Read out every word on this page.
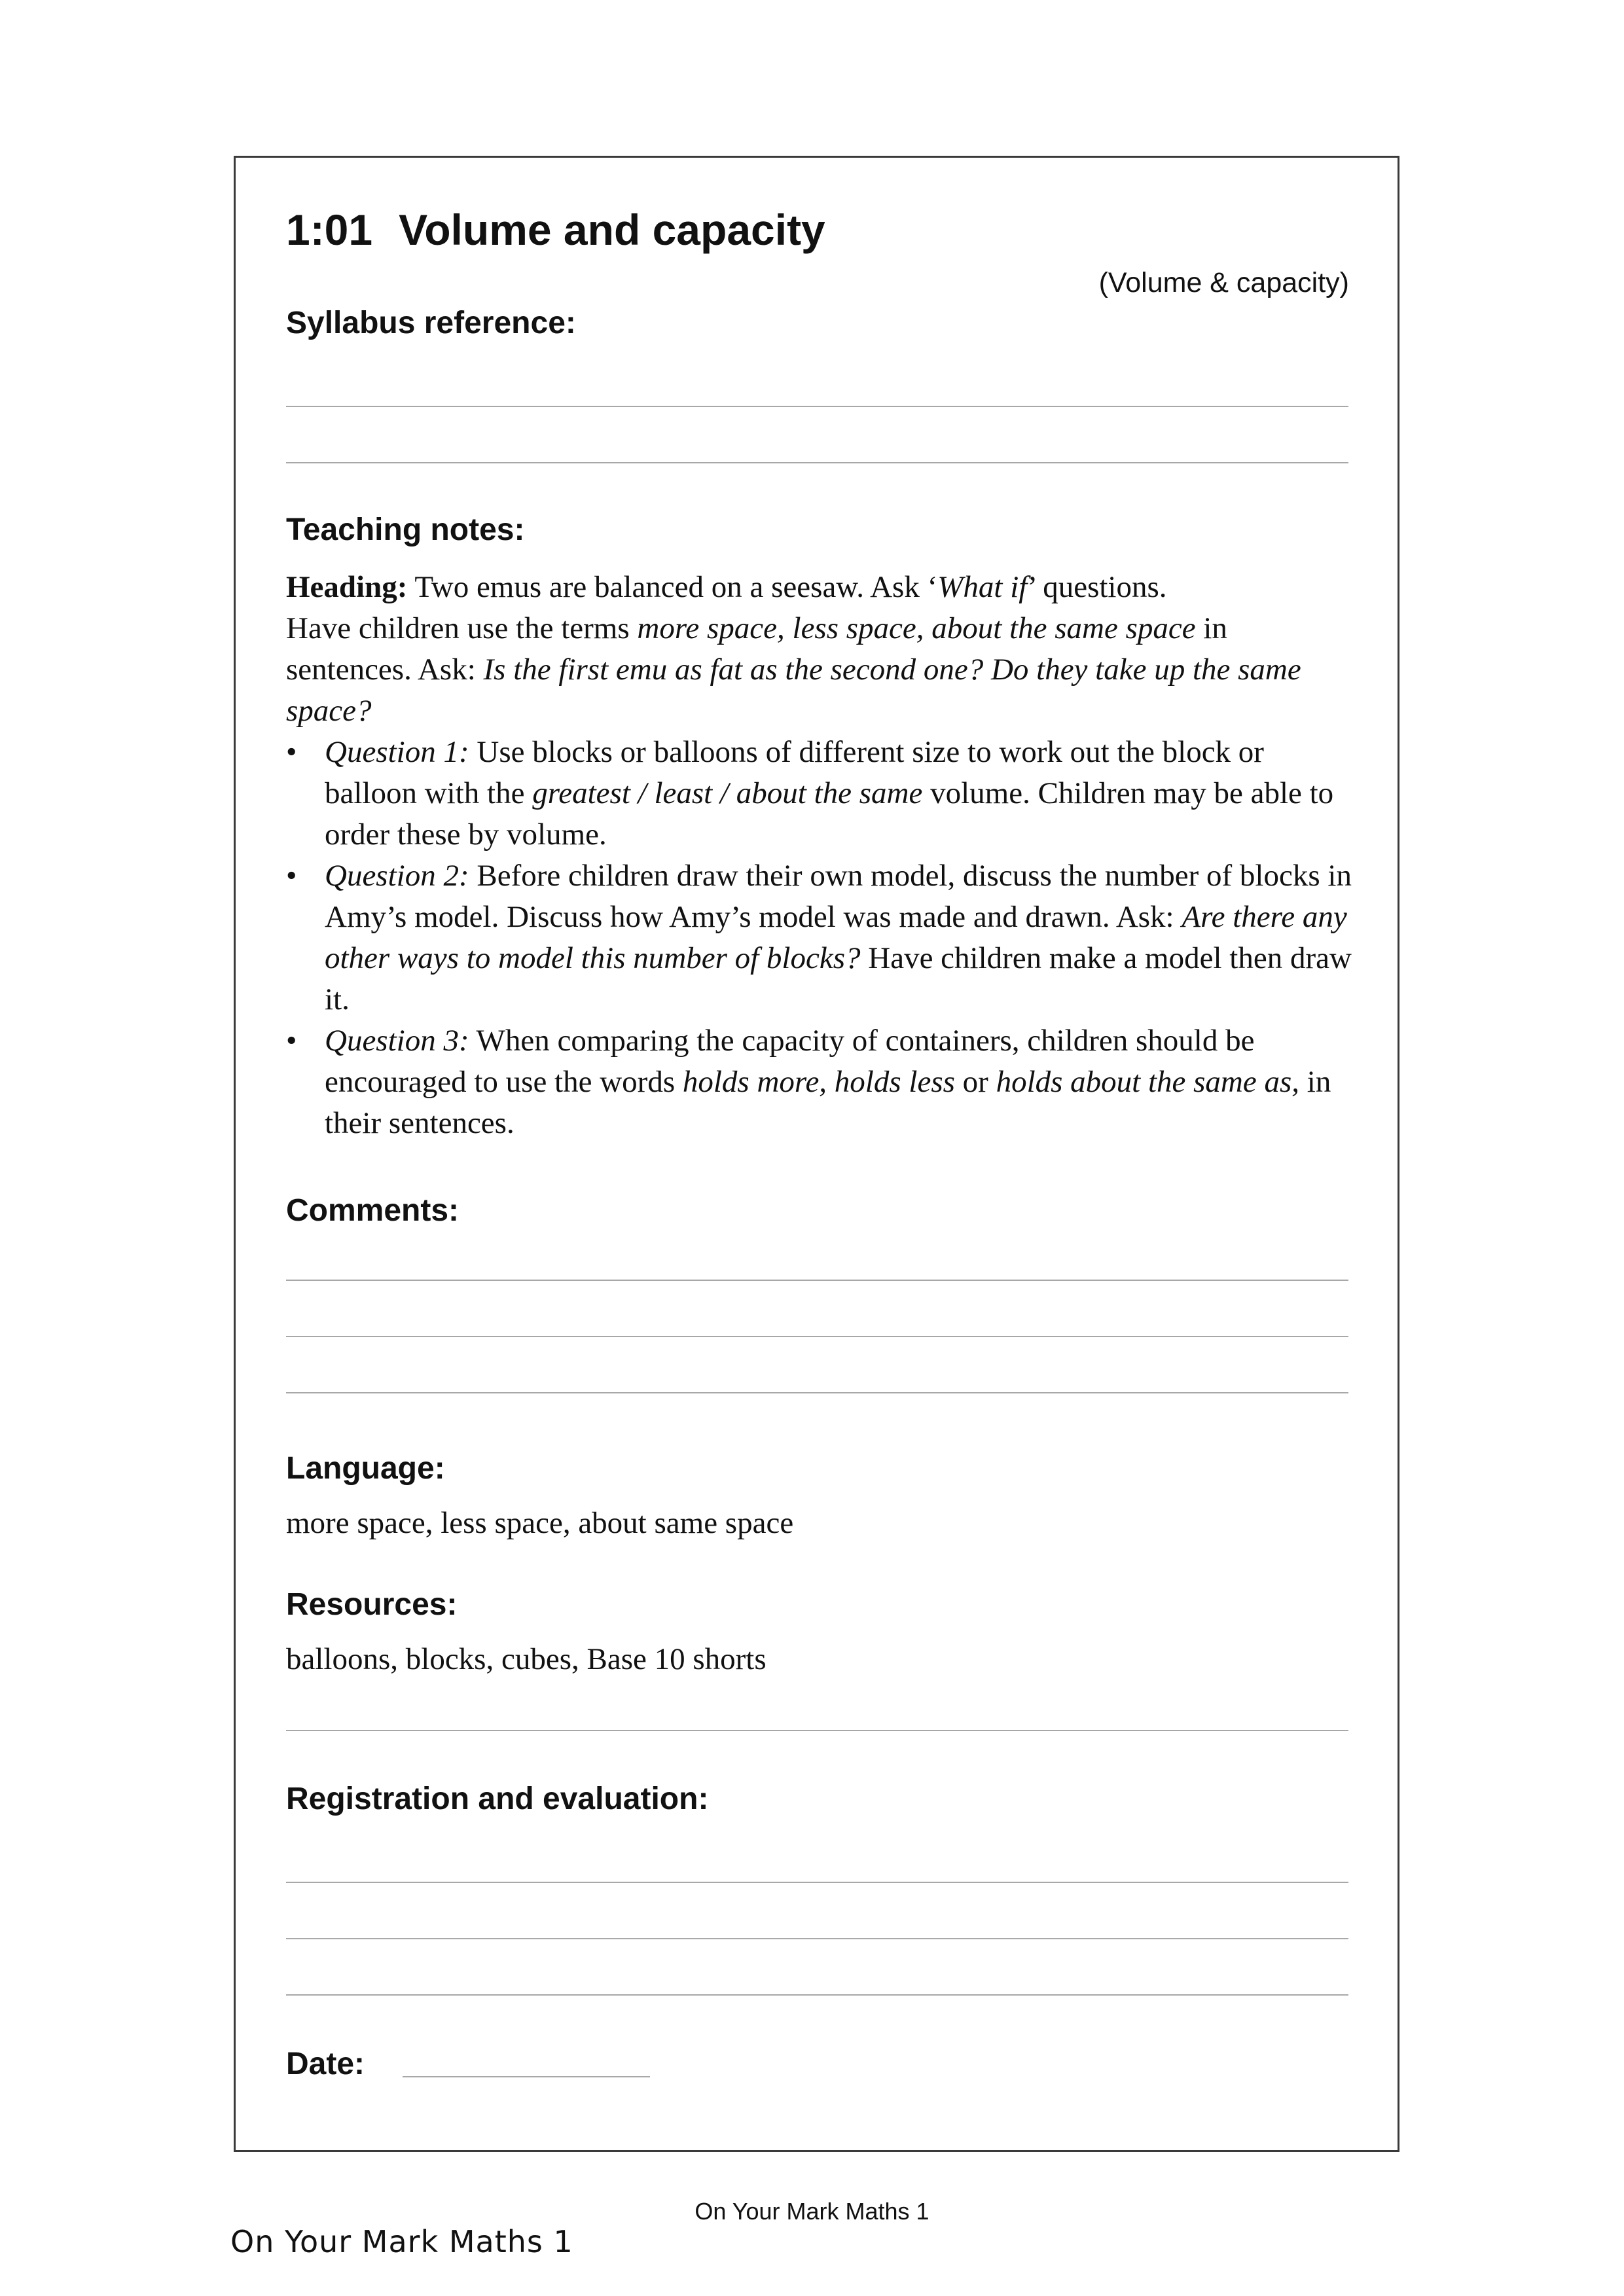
1:01 Volume and capacity
(Volume & capacity)
Syllabus reference:
Teaching notes:

Heading: Two emus are balanced on a seesaw. Ask ‘What if’ questions.

Have children use the terms more space, less space, about the same space in sentences. Ask: Is the first emu as fat as the second one? Do they take up the same space?

• Question 1: Use blocks or balloons of different size to work out the block or balloon with the greatest / least / about the same volume. Children may be able to order these by volume.
• Question 2: Before children draw their own model, discuss the number of blocks in Amy’s model. Discuss how Amy’s model was made and drawn. Ask: Are there any other ways to model this number of blocks? Have children make a model then draw it.
• Question 3: When comparing the capacity of containers, children should be encouraged to use the words holds more, holds less or holds about the same as, in their sentences.
Comments:
Language:
more space, less space, about same space
Resources:
balloons, blocks, cubes, Base 10 shorts
Registration and evaluation:
Date:
On Your Mark Maths 1
On Your Mark Maths 1
